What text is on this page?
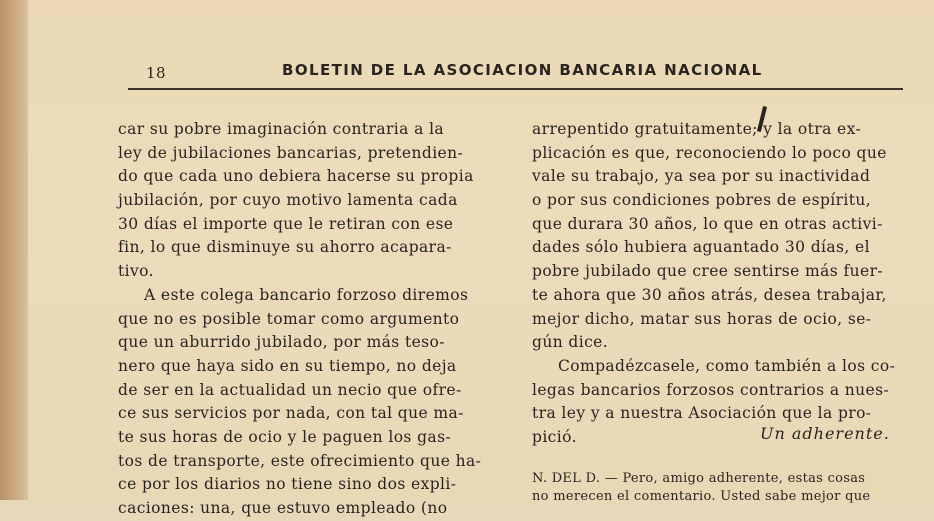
18	BOLETIN DE LA ASOCIACION BANCARIA NACIONAL
car su pobre imaginación contraria a la
ley de jubilaciones bancarias, pretendien-
do que cada uno debiera hacerse su propia
jubilación, por cuyo motivo lamenta cada
30 días el importe que le retiran con ese
fin, lo que disminuye su ahorro acapara-
tivo.
A este colega bancario forzoso diremos
que no es posible tomar como argumento
que un aburrido jubilado, por más teso-
nero que haya sido en su tiempo, no deja
de ser en la actualidad un necio que ofre-
ce sus servicios por nada, con tal que ma-
te sus horas de ocio y le paguen los gas-
tos de transporte, este ofrecimiento que ha-
ce por los diarios no tiene sino dos expli-
caciones: una, que estuvo empleado (no
arrepentido gratuitamente; y la otra ex-
plicación es que, reconociendo lo poco que
vale su trabajo, ya sea por su inactividad
o por sus condiciones pobres de espíritu,
que durara 30 años, lo que en otras activi-
dades sólo hubiera aguantado 30 días, el
pobre jubilado que cree sentirse más fuer-
te ahora que 30 años atrás, desea trabajar,
mejor dicho, matar sus horas de ocio, se-
gún dice.
Compadézcasele, como también a los co-
legas bancarios forzosos contrarios a nues-
tra ley y a nuestra Asociación que la pro-
pició.	Un adherente.
N. DEL D. — Pero, amigo adherente, estas cosas
no merecen el comentario. Usted sabe mejor que
